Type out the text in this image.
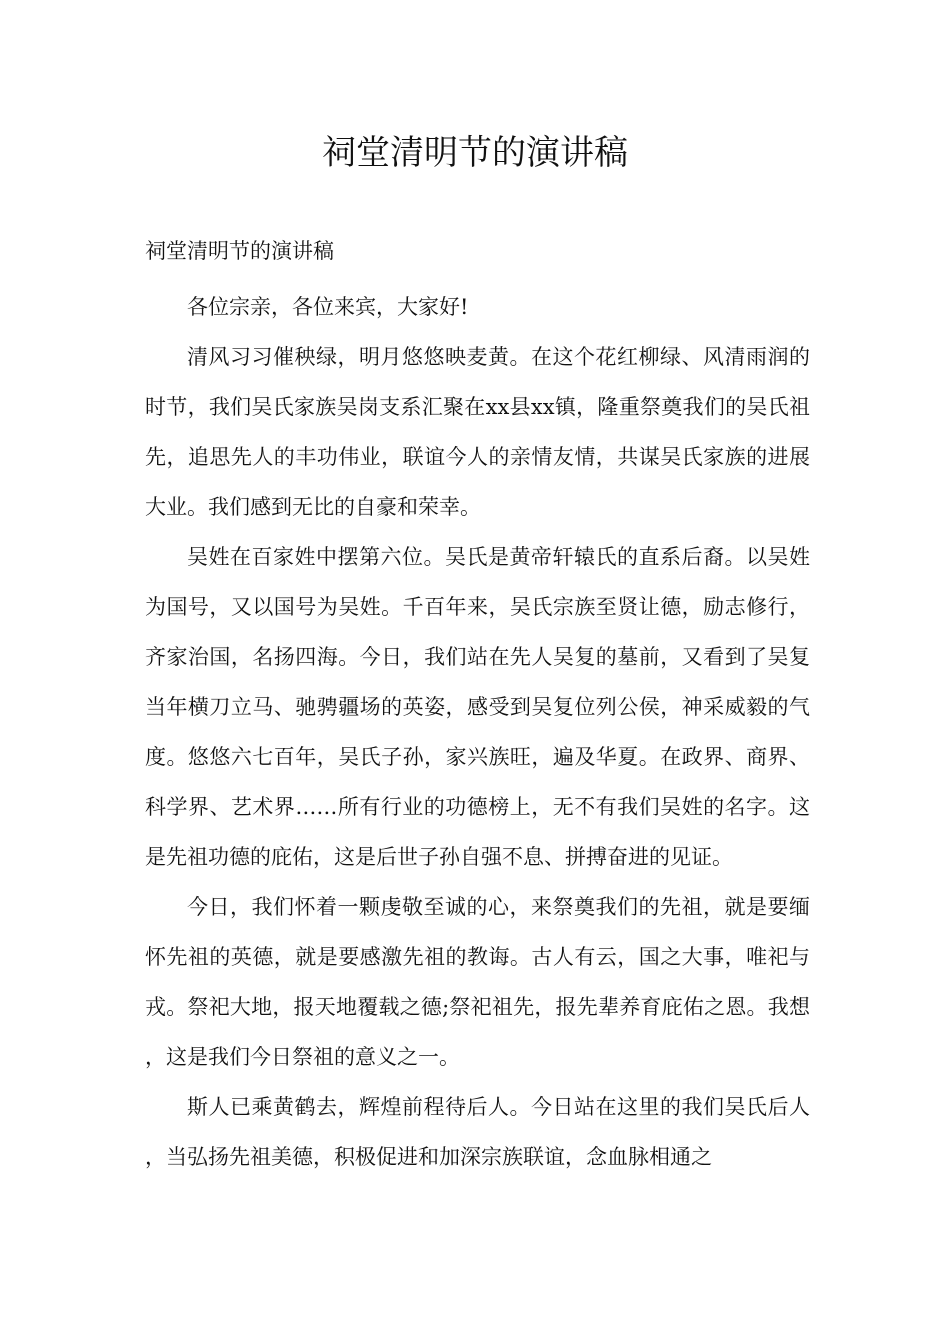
祠堂清明节的演讲稿
祠堂清明节的演讲稿

各位宗亲，各位来宾，大家好!

清风习习催秧绿，明月悠悠映麦黄。在这个花红柳绿、风清雨润的时节，我们吴氏家族吴岗支系汇聚在xx县xx镇，隆重祭奠我们的吴氏祖先，追思先人的丰功伟业，联谊今人的亲情友情，共谋吴氏家族的进展大业。我们感到无比的自豪和荣幸。

吴姓在百家姓中摆第六位。吴氏是黄帝轩辕氏的直系后裔。以吴姓为国号，又以国号为吴姓。千百年来，吴氏宗族至贤让德，励志修行，齐家治国，名扬四海。今日，我们站在先人吴复的墓前，又看到了吴复当年横刀立马、驰骋疆场的英姿，感受到吴复位列公侯，神采威毅的气度。悠悠六七百年，吴氏子孙，家兴族旺，遍及华夏。在政界、商界、科学界、艺术界……所有行业的功德榜上，无不有我们吴姓的名字。这是先祖功德的庇佑，这是后世子孙自强不息、拼搏奋进的见证。

今日，我们怀着一颗虔敬至诚的心，来祭奠我们的先祖，就是要缅怀先祖的英德，就是要感激先祖的教诲。古人有云，国之大事，唯祀与戎。祭祀大地，报天地覆载之德;祭祀祖先，报先辈养育庇佑之恩。我想，这是我们今日祭祖的意义之一。

斯人已乘黄鹤去，辉煌前程待后人。今日站在这里的我们吴氏后人，当弘扬先祖美德，积极促进和加深宗族联谊，念血脉相通之
